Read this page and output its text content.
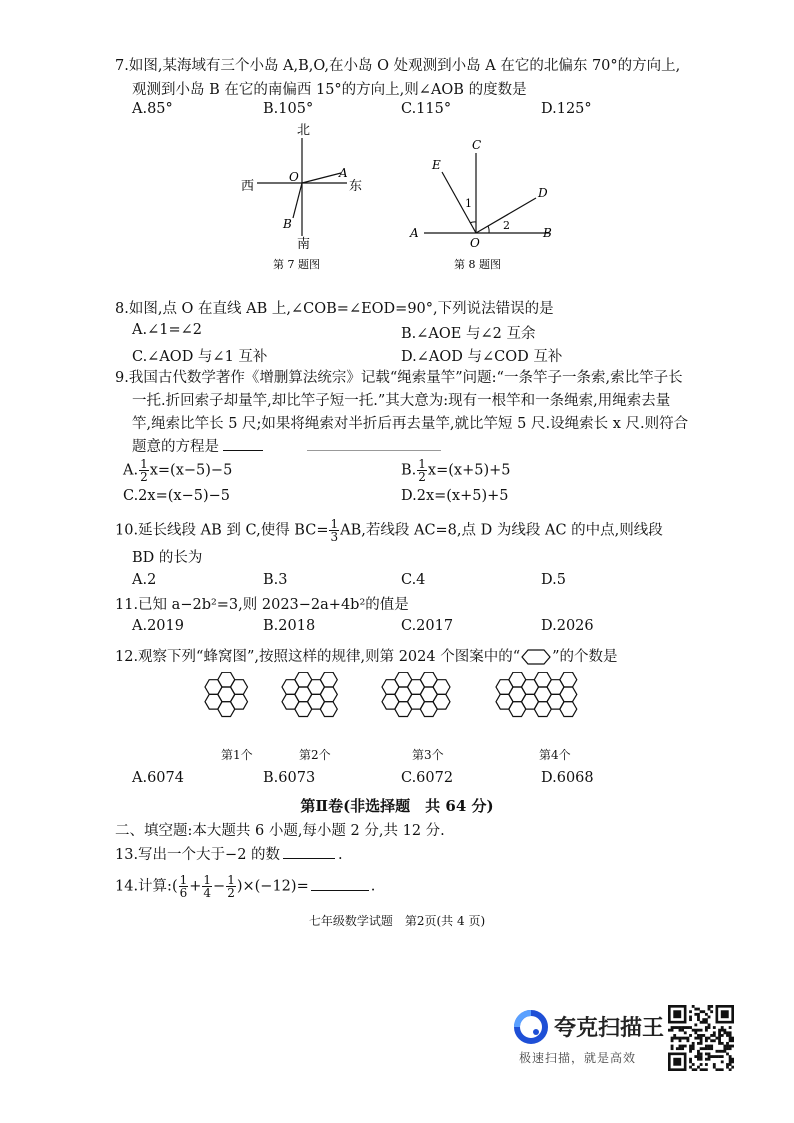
7.如图,某海域有三个小岛 A,B,O,在小岛 O 处观测到小岛 A 在它的北偏东 70°的方向上,
观测到小岛 B 在它的南偏西 15°的方向上,则∠AOB 的度数是
A.85°	B.105°	C.115°	D.125°
北
南
西	东
O	A
B
第 7 题图
C
E
D
A
O
B
1
2
第 8 题图
8.如图,点 O 在直线 AB 上,∠COB=∠EOD=90°,下列说法错误的是
A.∠1=∠2	B.∠AOE 与∠2 互余
C.∠AOD 与∠1 互补	D.∠AOD 与∠COD 互补
9.我国古代数学著作《增删算法统宗》记载“绳索量竿”问题:“一条竿子一条索,索比竿子长
一托.折回索子却量竿,却比竿子短一托.”其大意为:现有一根竿和一条绳索,用绳索去量
竿,绳索比竿长 5 尺;如果将绳索对半折后再去量竿,就比竿短 5 尺.设绳索长 x 尺.则符合
题意的方程是
A. $\frac{1}{2} x=(x-5)-5$	B. $\frac{1}{2} x=(x+5)+5$
C.2x=(x−5)−5	D.2x=(x+5)+5
10.延长线段 AB 到 C,使得 $BC= \frac{1}{3}$ AB,若线段 AC=8,点 D 为线段 AC 的中点,则线段
BD 的长为
A.2	B.3	C.4	D.5
11.已知 a−2b²=3,则 2023−2a+4b²的值是
A.2019	B.2018	C.2017	D.2026
12.观察下列“蜂窝图”,按照这样的规律,则第 2024 个图案中的“ ”的个数是
第1个	第2个	第3个	第4个
A.6074	B.6073	C.6072	D.6068
第Ⅱ卷(非选择题　共 64 分)
二、填空题:本大题共 6 小题,每小题 2 分,共 12 分.
13.写出一个大于−2 的数	.
14.计算:( $\frac{1}{6} + \frac{1}{4} - \frac{1}{2} )\times(-12)=$	.
七年级数学试题　第2页(共 4 页)
夸克扫描王
极速扫描，就是高效
